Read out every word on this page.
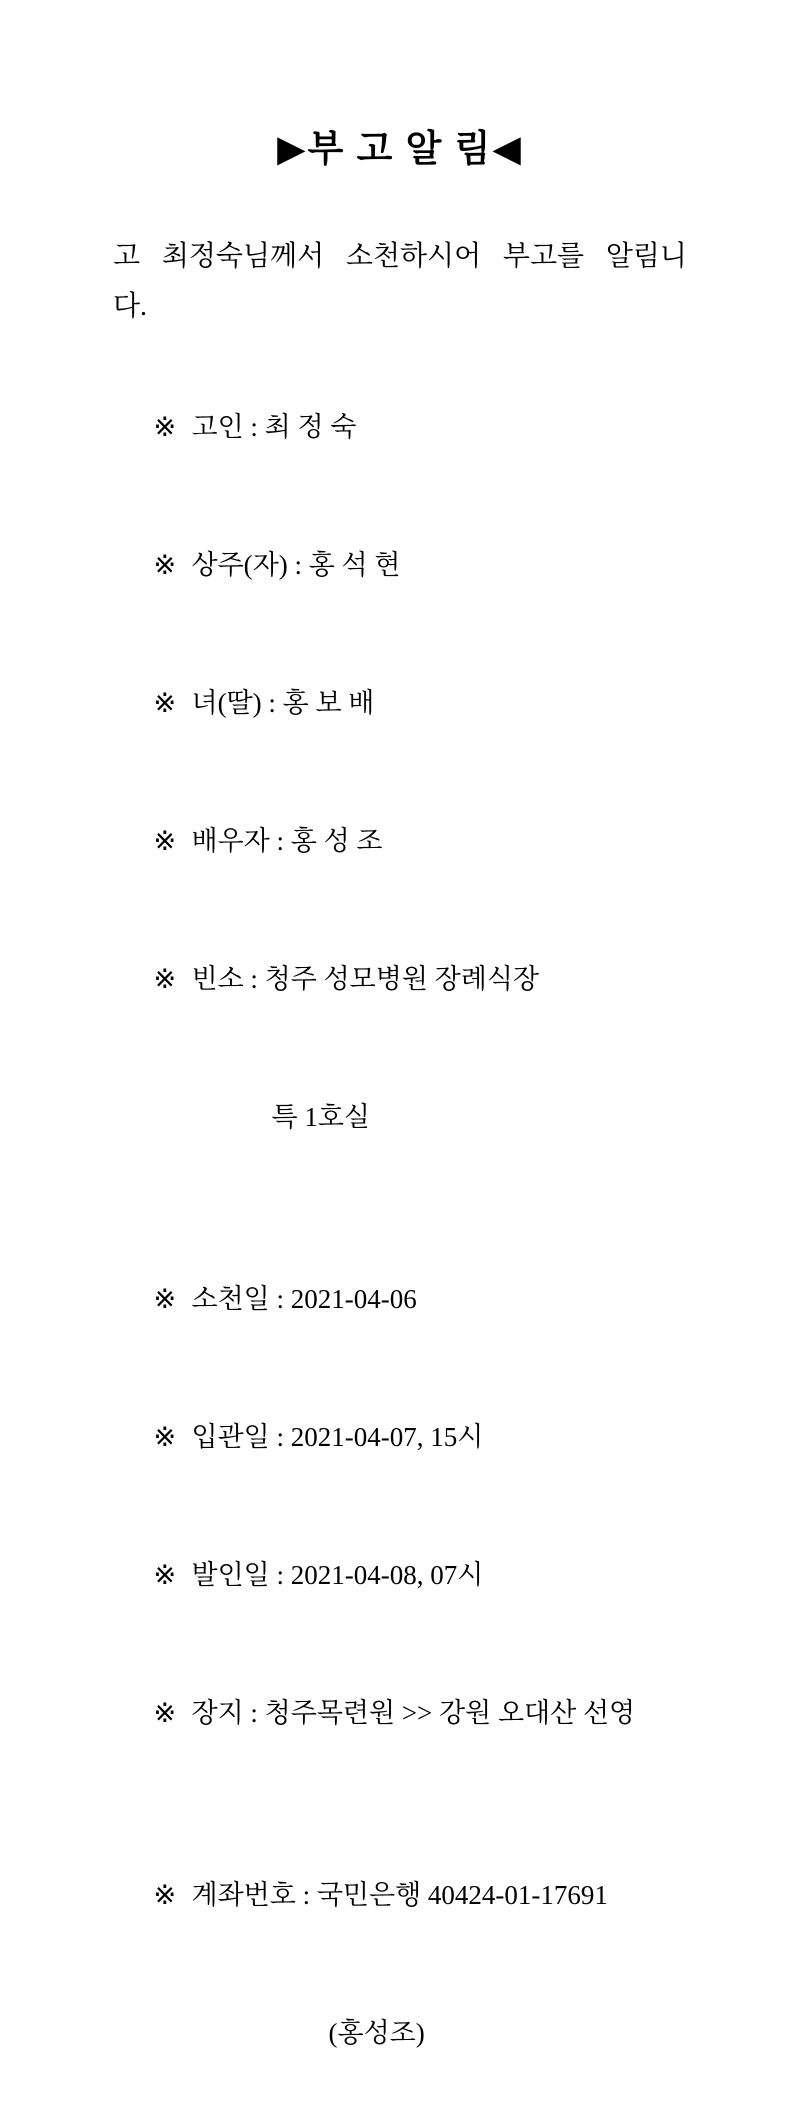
▶부 고 알 림◀

고 최정숙님께서 소천하시어 부고를 알림니
다.

※ 고인 : 최 정 숙

※ 상주(자) : 홍 석 현

※ 녀(딸) : 홍 보 배

※ 배우자 : 홍 성 조

※ 빈소 : 청주 성모병원 장례식장

특 1호실

※ 소천일 : 2021-04-06

※ 입관일 : 2021-04-07, 15시

※ 발인일 : 2021-04-08, 07시

※ 장지 : 청주목련원 >> 강원 오대산 선영

※ 계좌번호 : 국민은행 40424-01-17691

(홍성조)
